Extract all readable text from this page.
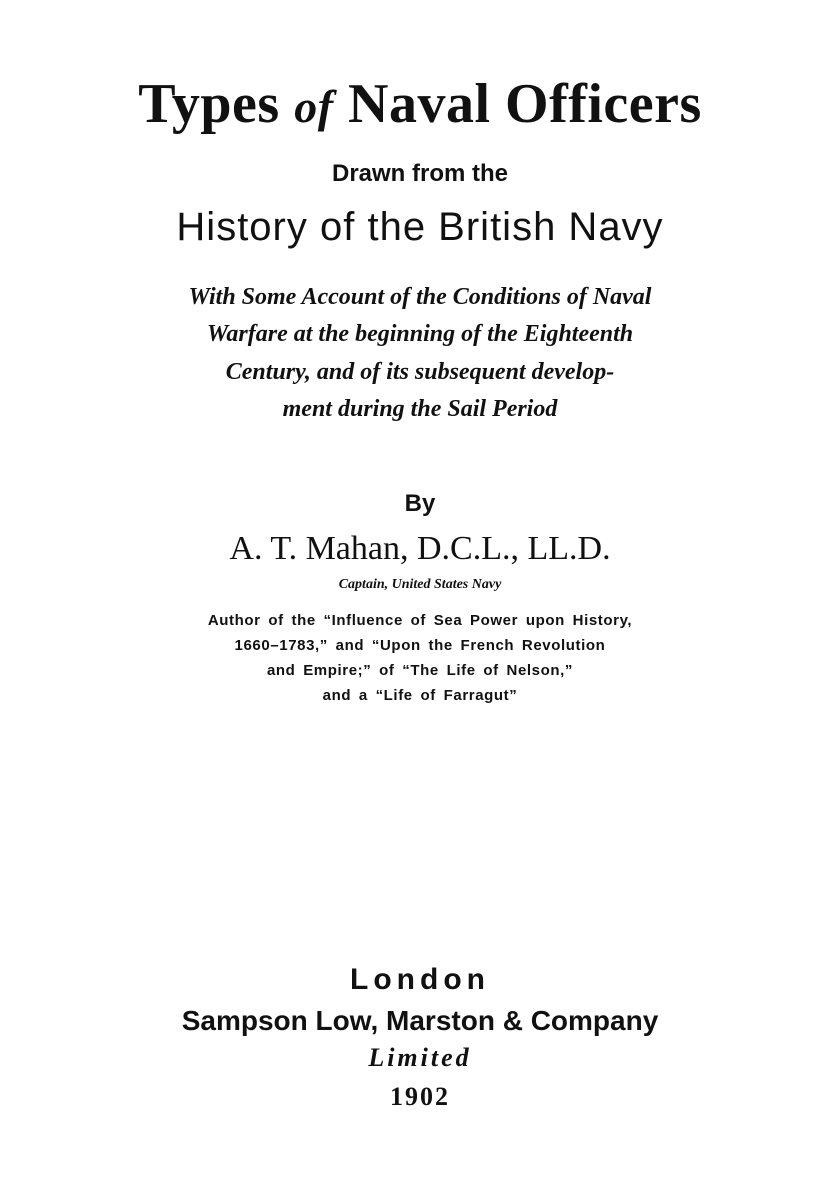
Types of Naval Officers

Drawn from the

History of the British Navy

With Some Account of the Conditions of Naval

Warfare at the beginning of the Eighteenth

Century, and of its subsequent develop-

ment during the Sail Period

By

A. T. Mahan, D.C.L., LL.D.

Captain, United States Navy

Author of the “Influence of Sea Power upon History,

1660–1783,” and “Upon the French Revolution

and Empire;” of “The Life of Nelson,”

and a “Life of Farragut”

London

Sampson Low, Marston & Company

Limited

1902
